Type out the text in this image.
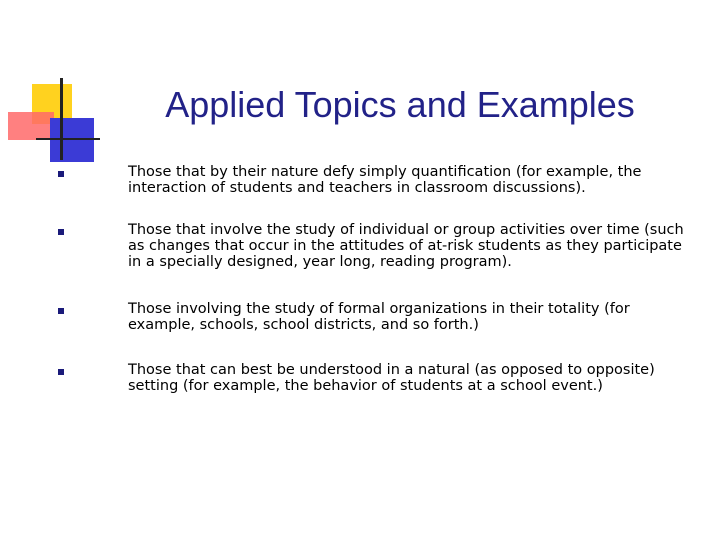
Applied Topics and Examples
Those that by their nature defy simply quantification (for example, the interaction of students and teachers in classroom discussions).
Those that involve the study of individual or group activities over time (such as changes that occur in the attitudes of at-risk students as they participate in a specially designed, year long, reading program).
Those involving the study of formal organizations in their totality (for example, schools, school districts, and so forth.)
Those that can best be understood in a natural (as opposed to opposite) setting (for example, the behavior of students at a school event.)
